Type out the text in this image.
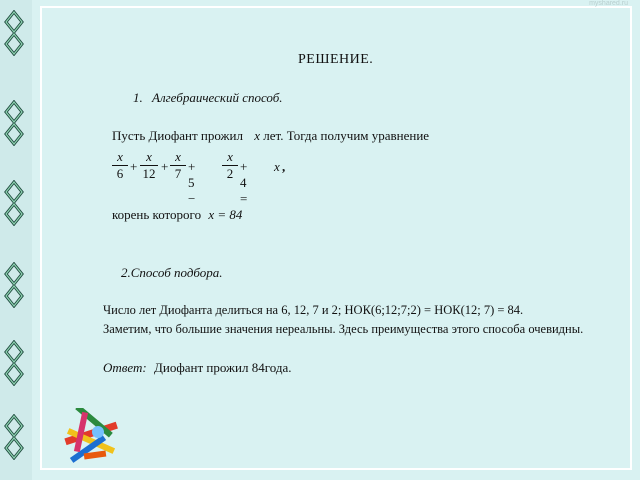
myshared.ru
РЕШЕНИЕ.
1. Алгебраический способ.
Пусть Диофант прожил x лет. Тогда получим уравнение
x
6 +
x
12 +
x
7 + 5 −
x
2 + 4 =
x ,
корень которого x = 84
2.Способ подбора.
Число лет Диофанта делиться на 6, 12, 7 и 2; НОК(6;12;7;2) = НОК(12; 7) = 84.
Заметим, что большие значения нереальны. Здесь преимущества этого способа очевидны.
Ответ: Диофант прожил 84года.
